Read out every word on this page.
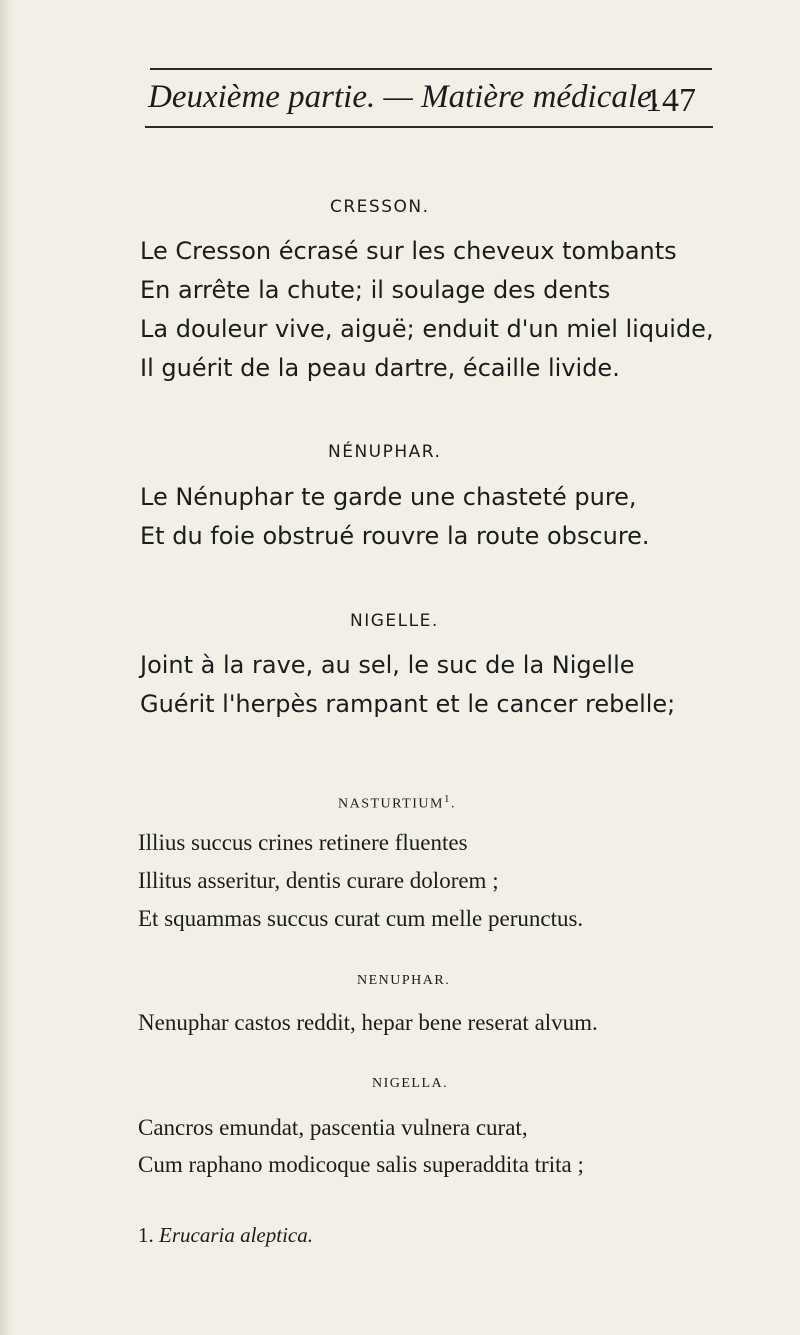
Deuxième partie. — Matière médicale.
147
CRESSON.
Le Cresson écrasé sur les cheveux tombants
En arrête la chute; il soulage des dents
La douleur vive, aiguë; enduit d'un miel liquide,
Il guérit de la peau dartre, écaille livide.
NÉNUPHAR.
Le Nénuphar te garde une chasteté pure,
Et du foie obstrué rouvre la route obscure.
NIGELLE.
Joint à la rave, au sel, le suc de la Nigelle
Guérit l'herpès rampant et le cancer rebelle;
NASTURTIUM$^1$.
Illius succus crines retinere fluentes
Illitus asseritur, dentis curare dolorem ;
Et squammas succus curat cum melle perunctus.
NENUPHAR.
Nenuphar castos reddit, hepar bene reserat alvum.
NIGELLA.
Cancros emundat, pascentia vulnera curat,
Cum raphano modicoque salis superaddita trita ;
1. Erucaria aleptica.
